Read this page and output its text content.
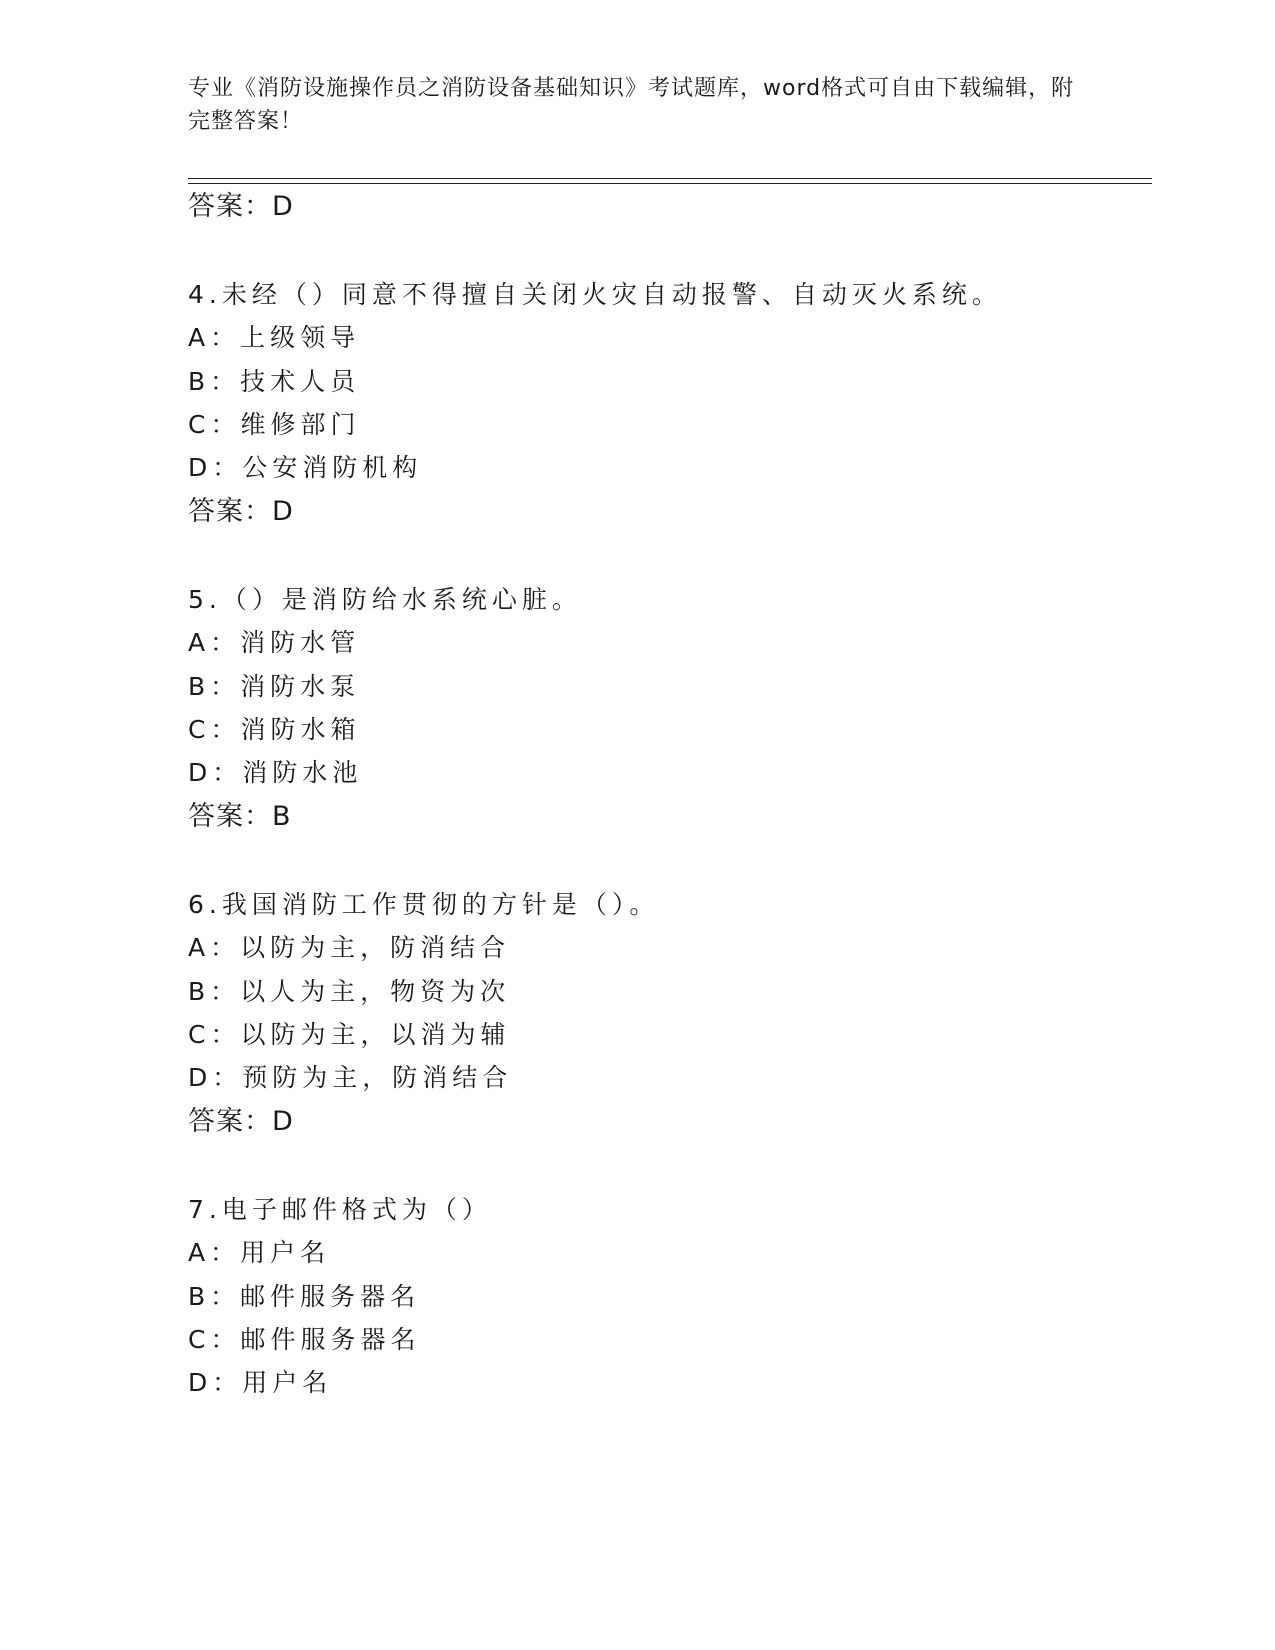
专业《消防设施操作员之消防设备基础知识》考试题库，word格式可自由下载编辑，附完整答案！

答案：D
4.未经（）同意不得擅自关闭火灾自动报警、自动灭火系统。
A：上级领导
B：技术人员
C：维修部门
D：公安消防机构
答案：D
5.（）是消防给水系统心脏。
A：消防水管
B：消防水泵
C：消防水箱
D：消防水池
答案：B
6.我国消防工作贯彻的方针是（）。
A：以防为主，防消结合
B：以人为主，物资为次
C：以防为主，以消为辅
D：预防为主，防消结合
答案：D
7.电子邮件格式为（）
A：用户名
B：邮件服务器名
C：邮件服务器名
D：用户名
